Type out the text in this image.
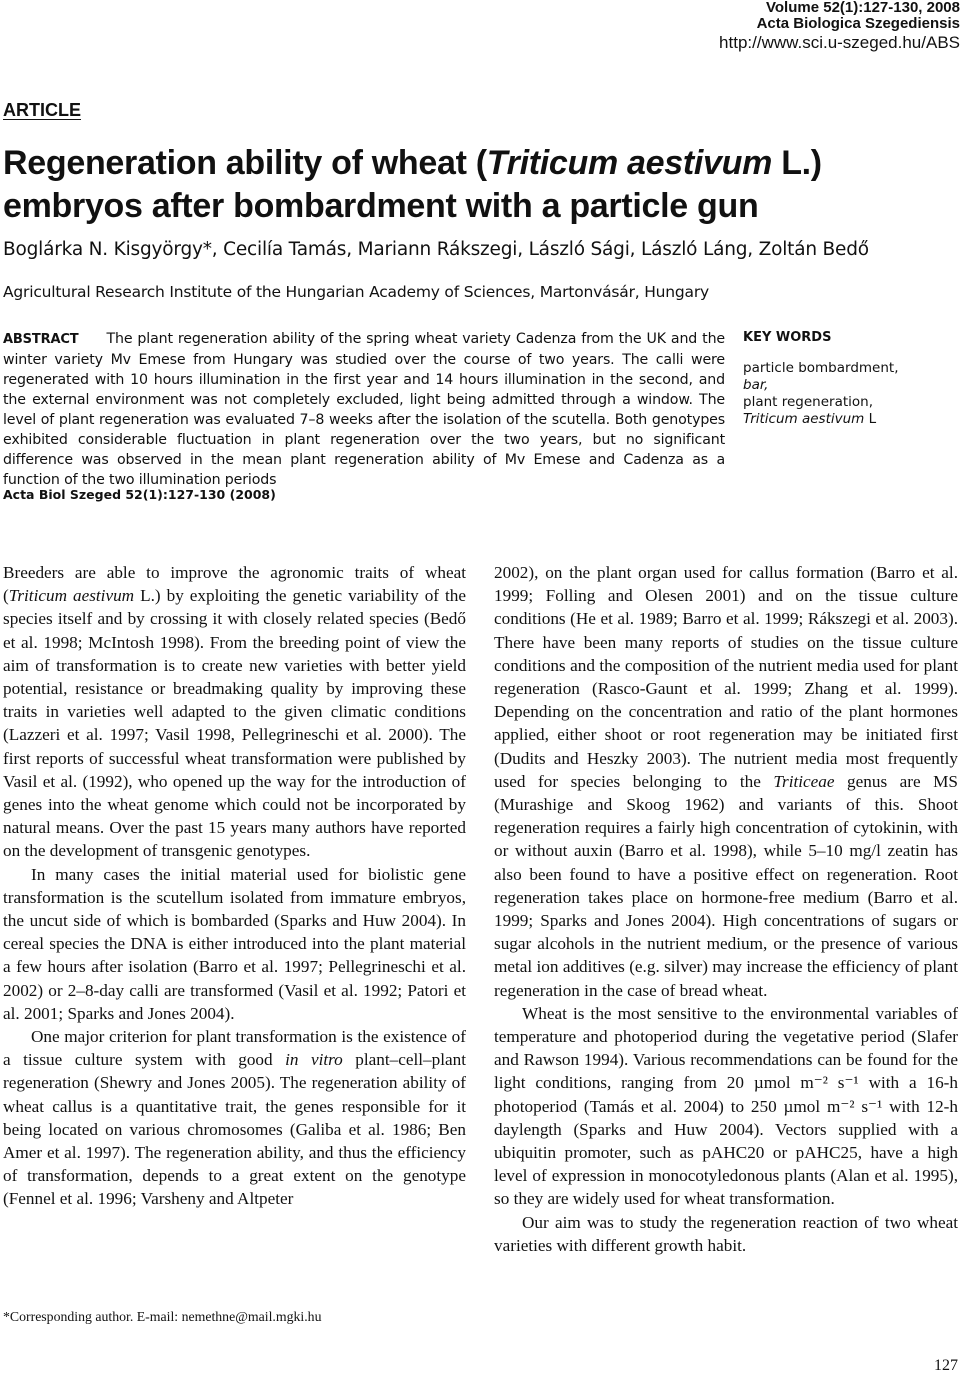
Volume 52(1):127-130, 2008
Acta Biologica Szegediensis
http://www.sci.u-szeged.hu/ABS
ARTICLE
Regeneration ability of wheat (Triticum aestivum L.) embryos after bombardment with a particle gun
Boglárka N. Kisgyörgy*, Cecilía Tamás, Mariann Rákszegi, László Sági, László Láng, Zoltán Bedő
Agricultural Research Institute of the Hungarian Academy of Sciences, Martonvásár, Hungary
ABSTRACT The plant regeneration ability of the spring wheat variety Cadenza from the UK and the winter variety Mv Emese from Hungary was studied over the course of two years. The calli were regenerated with 10 hours illumination in the first year and 14 hours illumination in the second, and the external environment was not completely excluded, light being admitted through a window. The level of plant regeneration was evaluated 7–8 weeks after the isolation of the scutella. Both genotypes exhibited considerable fluctuation in plant regeneration over the two years, but no significant difference was observed in the mean plant regeneration ability of Mv Emese and Cadenza as a function of the two illumination periods
Acta Biol Szeged 52(1):127-130 (2008)
KEY WORDS
particle bombardment,
bar,
plant regeneration,
Triticum aestivum L

Breeders are able to improve the agronomic traits of wheat (Triticum aestivum L.) by exploiting the genetic variability of the species itself and by crossing it with closely related species (Bedő et al. 1998; McIntosh 1998). From the breeding point of view the aim of transformation is to create new varieties with better yield potential, resistance or breadmaking quality by improving these traits in varieties well adapted to the given climatic conditions (Lazzeri et al. 1997; Vasil 1998, Pellegrineschi et al. 2000). The first reports of successful wheat transformation were published by Vasil et al. (1992), who opened up the way for the introduction of genes into the wheat genome which could not be incorporated by natural means. Over the past 15 years many authors have reported on the development of transgenic genotypes.

In many cases the initial material used for biolistic gene transformation is the scutellum isolated from immature embryos, the uncut side of which is bombarded (Sparks and Huw 2004). In cereal species the DNA is either introduced into the plant material a few hours after isolation (Barro et al. 1997; Pellegrineschi et al. 2002) or 2–8-day calli are transformed (Vasil et al. 1992; Patori et al. 2001; Sparks and Jones 2004).

One major criterion for plant transformation is the existence of a tissue culture system with good in vitro plant–cell–plant regeneration (Shewry and Jones 2005). The regeneration ability of wheat callus is a quantitative trait, the genes responsible for it being located on various chromosomes (Galiba et al. 1986; Ben Amer et al. 1997). The regeneration ability, and thus the efficiency of transformation, depends to a great extent on the genotype (Fennel et al. 1996; Varsheny and Altpeter

2002), on the plant organ used for callus formation (Barro et al. 1999; Folling and Olesen 2001) and on the tissue culture conditions (He et al. 1989; Barro et al. 1999; Rákszegi et al. 2003). There have been many reports of studies on the tissue culture conditions and the composition of the nutrient media used for plant regeneration (Rasco-Gaunt et al. 1999; Zhang et al. 1999). Depending on the concentration and ratio of the plant hormones applied, either shoot or root regeneration may be initiated first (Dudits and Heszky 2003). The nutrient media most frequently used for species belonging to the Triticeae genus are MS (Murashige and Skoog 1962) and variants of this. Shoot regeneration requires a fairly high concentration of cytokinin, with or without auxin (Barro et al. 1998), while 5–10 mg/l zeatin has also been found to have a positive effect on regeneration. Root regeneration takes place on hormone-free medium (Barro et al. 1999; Sparks and Jones 2004). High concentrations of sugars or sugar alcohols in the nutrient medium, or the presence of various metal ion additives (e.g. silver) may increase the efficiency of plant regeneration in the case of bread wheat.

Wheat is the most sensitive to the environmental variables of temperature and photoperiod during the vegetative period (Slafer and Rawson 1994). Various recommendations can be found for the light conditions, ranging from 20 µmol m⁻² s⁻¹ with a 16-h photoperiod (Tamás et al. 2004) to 250 µmol m⁻² s⁻¹ with 12-h daylength (Sparks and Huw 2004). Vectors supplied with a ubiquitin promoter, such as pAHC20 or pAHC25, have a high level of expression in monocotyledonous plants (Alan et al. 1995), so they are widely used for wheat transformation.

Our aim was to study the regeneration reaction of two wheat varieties with different growth habit.

*Corresponding author. E-mail: nemethne@mail.mgki.hu
127
